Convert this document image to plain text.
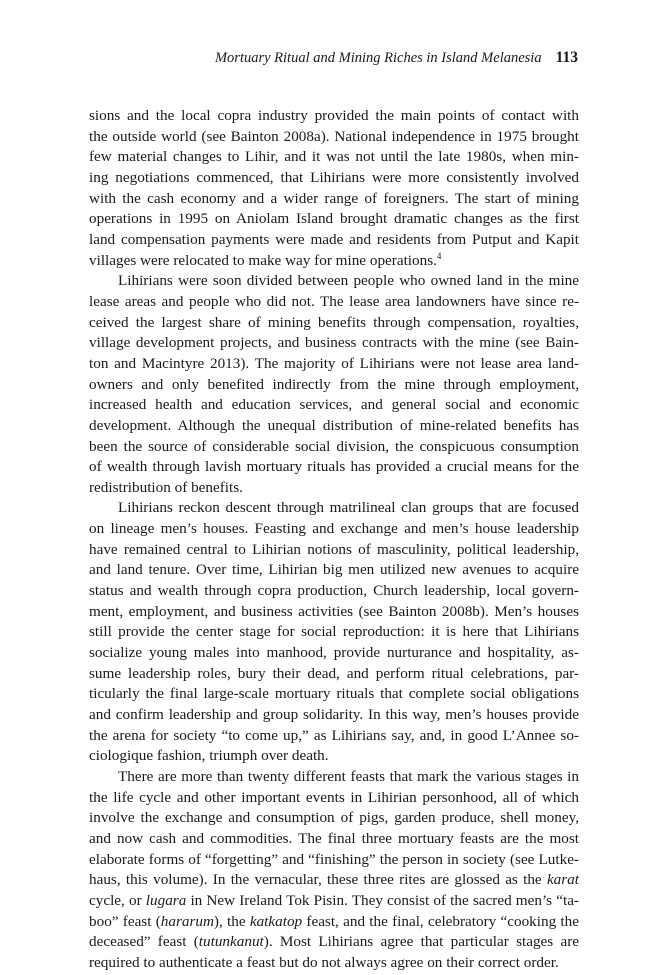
Mortuary Ritual and Mining Riches in Island Melanesia 113

sions and the local copra industry provided the main points of contact with
the outside world (see Bainton 2008a). National independence in 1975 brought
few material changes to Lihir, and it was not until the late 1980s, when min-
ing negotiations commenced, that Lihirians were more consistently involved
with the cash economy and a wider range of foreigners. The start of mining
operations in 1995 on Aniolam Island brought dramatic changes as the first
land compensation payments were made and residents from Putput and Kapit
villages were relocated to make way for mine operations.$^4$

Lihirians were soon divided between people who owned land in the mine
lease areas and people who did not. The lease area landowners have since re-
ceived the largest share of mining benefits through compensation, royalties,
village development projects, and business contracts with the mine (see Bain-
ton and Macintyre 2013). The majority of Lihirians were not lease area land-
owners and only benefited indirectly from the mine through employment,
increased health and education services, and general social and economic
development. Although the unequal distribution of mine-related benefits has
been the source of considerable social division, the conspicuous consumption
of wealth through lavish mortuary rituals has provided a crucial means for the
redistribution of benefits.

Lihirians reckon descent through matrilineal clan groups that are focused
on lineage men’s houses. Feasting and exchange and men’s house leadership
have remained central to Lihirian notions of masculinity, political leadership,
and land tenure. Over time, Lihirian big men utilized new avenues to acquire
status and wealth through copra production, Church leadership, local govern-
ment, employment, and business activities (see Bainton 2008b). Men’s houses
still provide the center stage for social reproduction: it is here that Lihirians
socialize young males into manhood, provide nurturance and hospitality, as-
sume leadership roles, bury their dead, and perform ritual celebrations, par-
ticularly the final large-scale mortuary rituals that complete social obligations
and confirm leadership and group solidarity. In this way, men’s houses provide
the arena for society “to come up,” as Lihirians say, and, in good L’Annee so-
ciologique fashion, triumph over death.

There are more than twenty different feasts that mark the various stages in
the life cycle and other important events in Lihirian personhood, all of which
involve the exchange and consumption of pigs, garden produce, shell money,
and now cash and commodities. The final three mortuary feasts are the most
elaborate forms of “forgetting” and “finishing” the person in society (see Lutke-
haus, this volume). In the vernacular, these three rites are glossed as the karat
cycle, or lugara in New Ireland Tok Pisin. They consist of the sacred men’s “ta-
boo” feast (hararum), the katkatop feast, and the final, celebratory “cooking the
deceased” feast (tutunkanut). Most Lihirians agree that particular stages are
required to authenticate a feast but do not always agree on their correct order.
